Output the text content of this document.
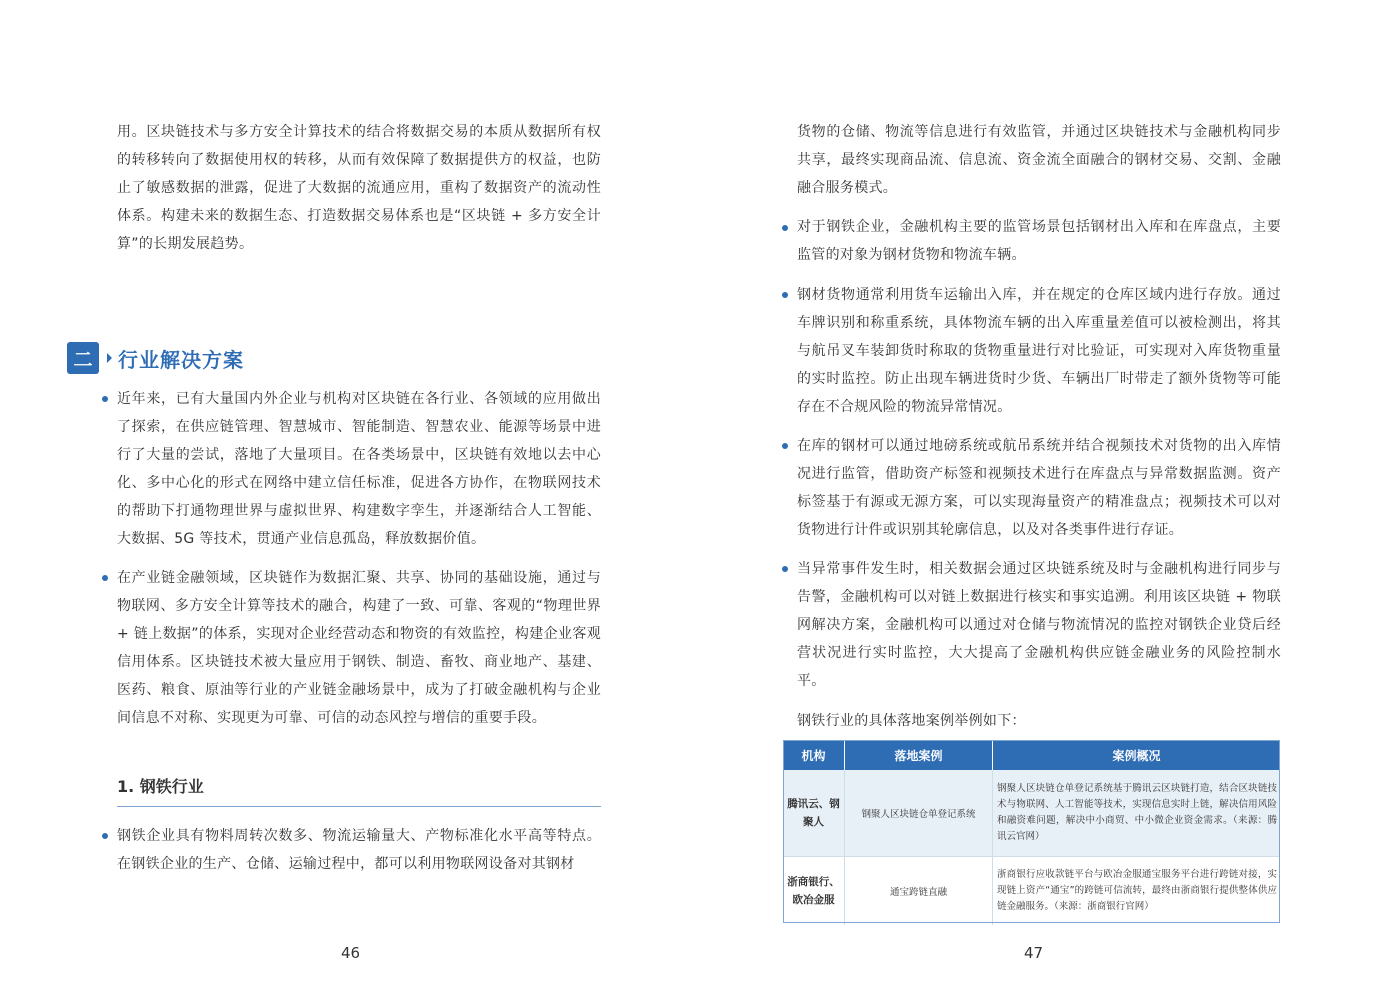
用。区块链技术与多方安全计算技术的结合将数据交易的本质从数据所有权的转移转向了数据使用权的转移，从而有效保障了数据提供方的权益，也防止了敏感数据的泄露，促进了大数据的流通应用，重构了数据资产的流动性体系。构建未来的数据生态、打造数据交易体系也是“区块链 + 多方安全计算”的长期发展趋势。

二	行业解决方案

近年来，已有大量国内外企业与机构对区块链在各行业、各领域的应用做出了探索，在供应链管理、智慧城市、智能制造、智慧农业、能源等场景中进行了大量的尝试，落地了大量项目。在各类场景中，区块链有效地以去中心化、多中心化的形式在网络中建立信任标准，促进各方协作，在物联网技术的帮助下打通物理世界与虚拟世界、构建数字孪生，并逐渐结合人工智能、大数据、5G 等技术，贯通产业信息孤岛，释放数据价值。

在产业链金融领域，区块链作为数据汇聚、共享、协同的基础设施，通过与物联网、多方安全计算等技术的融合，构建了一致、可靠、客观的“物理世界 + 链上数据”的体系，实现对企业经营动态和物资的有效监控，构建企业客观信用体系。区块链技术被大量应用于钢铁、制造、畜牧、商业地产、基建、医药、粮食、原油等行业的产业链金融场景中，成为了打破金融机构与企业间信息不对称、实现更为可靠、可信的动态风控与增信的重要手段。

1. 钢铁行业

钢铁企业具有物料周转次数多、物流运输量大、产物标准化水平高等特点。在钢铁企业的生产、仓储、运输过程中，都可以利用物联网设备对其钢材

46

货物的仓储、物流等信息进行有效监管，并通过区块链技术与金融机构同步共享，最终实现商品流、信息流、资金流全面融合的钢材交易、交割、金融融合服务模式。

对于钢铁企业，金融机构主要的监管场景包括钢材出入库和在库盘点，主要监管的对象为钢材货物和物流车辆。

钢材货物通常利用货车运输出入库，并在规定的仓库区域内进行存放。通过车牌识别和称重系统，具体物流车辆的出入库重量差值可以被检测出，将其与航吊叉车装卸货时称取的货物重量进行对比验证，可实现对入库货物重量的实时监控。防止出现车辆进货时少货、车辆出厂时带走了额外货物等可能存在不合规风险的物流异常情况。

在库的钢材可以通过地磅系统或航吊系统并结合视频技术对货物的出入库情况进行监管，借助资产标签和视频技术进行在库盘点与异常数据监测。资产标签基于有源或无源方案，可以实现海量资产的精准盘点；视频技术可以对货物进行计件或识别其轮廓信息，以及对各类事件进行存证。

当异常事件发生时，相关数据会通过区块链系统及时与金融机构进行同步与告警，金融机构可以对链上数据进行核实和事实追溯。利用该区块链 + 物联网解决方案，金融机构可以通过对仓储与物流情况的监控对钢铁企业贷后经营状况进行实时监控，大大提高了金融机构供应链金融业务的风险控制水平。

钢铁行业的具体落地案例举例如下：

机构	落地案例	案例概况
腾讯云、钢聚人	钢聚人区块链仓单登记系统	钢聚人区块链仓单登记系统基于腾讯云区块链打造，结合区块链技术与物联网、人工智能等技术，实现信息实时上链，解决信用风险和融资难问题，解决中小商贸、中小微企业资金需求。（来源：腾讯云官网）
浙商银行、欧冶金服	通宝跨链直融	浙商银行应收款链平台与欧冶金服通宝服务平台进行跨链对接，实现链上资产“通宝”的跨链可信流转，最终由浙商银行提供整体供应链金融服务。（来源：浙商银行官网）
47
